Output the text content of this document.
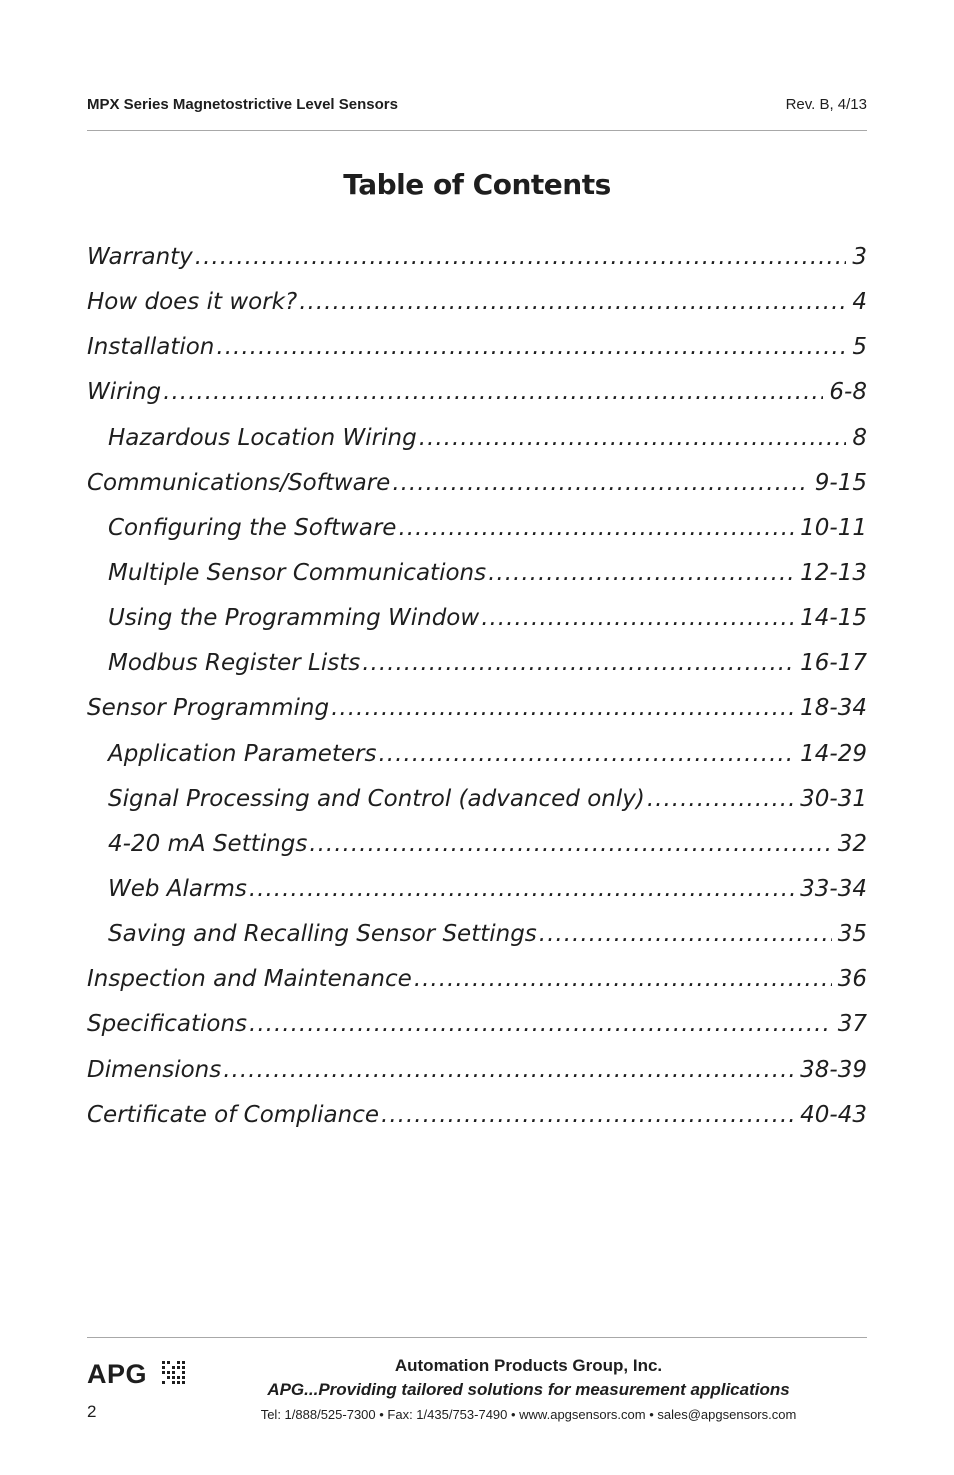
MPX Series Magnetostrictive Level Sensors	Rev. B, 4/13
Table of Contents
Warranty .....	3
How does it work? .....	4
Installation .....	5
Wiring .....	6-8
Hazardous Location Wiring .....	8
Communications/Software .....	9-15
Configuring the Software .....	10-11
Multiple Sensor Communications .....	12-13
Using the Programming Window .....	14-15
Modbus Register Lists .....	16-17
Sensor Programming .....	18-34
Application Parameters .....	14-29
Signal Processing and Control (advanced only) .....	30-31
4-20 mA Settings .....	32
Web Alarms .....	33-34
Saving and Recalling Sensor Settings .....	35
Inspection and Maintenance .....	36
Specifications .....	37
Dimensions .....	38-39
Certificate of Compliance .....	40-43
APG
2
Automation Products Group, Inc.
APG...Providing tailored solutions for measurement applications
Tel: 1/888/525-7300 • Fax: 1/435/753-7490 • www.apgsensors.com • sales@apgsensors.com
